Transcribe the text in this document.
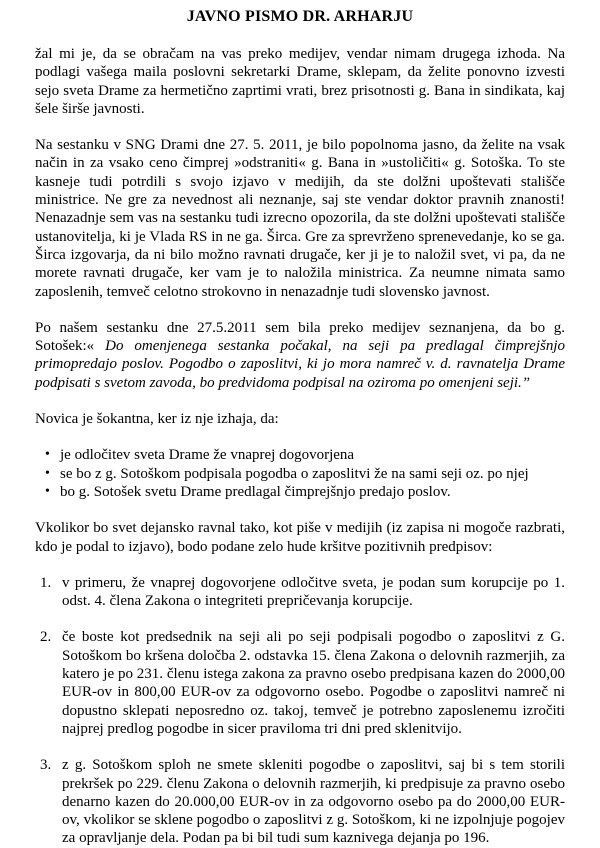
JAVNO PISMO DR. ARHARJU

žal mi je, da se obračam na vas preko medijev, vendar nimam drugega izhoda. Na podlagi vašega maila poslovni sekretarki Drame, sklepam, da želite ponovno izvesti sejo sveta Drame za hermetično zaprtimi vrati, brez prisotnosti g. Bana in sindikata, kaj šele širše javnosti.

Na sestanku v SNG Drami dne 27. 5. 2011, je bilo popolnoma jasno, da želite na vsak način in za vsako ceno čimprej »odstraniti« g. Bana in »ustoličiti« g. Sotoška. To ste kasneje tudi potrdili s svojo izjavo v medijih, da ste dolžni upoštevati stališče ministrice. Ne gre za nevednost ali neznanje, saj ste vendar doktor pravnih znanosti! Nenazadnje sem vas na sestanku tudi izrecno opozorila, da ste dolžni upoštevati stališče ustanovitelja, ki je Vlada RS in ne ga. Širca. Gre za sprevrženo sprenevedanje, ko se ga. Širca izgovarja, da ni bilo možno ravnati drugače, ker ji je to naložil svet, vi pa, da ne morete ravnati drugače, ker vam je to naložila ministrica. Za neumne nimata samo zaposlenih, temveč celotno strokovno in nenazadnje tudi slovensko javnost.

Po našem sestanku dne 27.5.2011 sem bila preko medijev seznanjena, da bo g. Sotošek:« Do omenjenega sestanka počakal, na seji pa predlagal čimprejšnjo primopredajo poslov. Pogodbo o zaposlitvi, ki jo mora namreč v. d. ravnatelja Drame podpisati s svetom zavoda, bo predvidoma podpisal na oziroma po omenjeni seji.”

Novica je šokantna, ker iz nje izhaja, da:

• je odločitev sveta Drame že vnaprej dogovorjena
• se bo z g. Sotoškom podpisala pogodba o zaposlitvi že na sami seji oz. po njej
• bo g. Sotošek svetu Drame predlagal čimprejšnjo predajo poslov.

Vkolikor bo svet dejansko ravnal tako, kot piše v medijih (iz zapisa ni mogoče razbrati, kdo je podal to izjavo), bodo podane zelo hude kršitve pozitivnih predpisov:

1. v primeru, že vnaprej dogovorjene odločitve sveta, je podan sum korupcije po 1. odst. 4. člena Zakona o integriteti prepričevanja korupcije.
2. če boste kot predsednik na seji ali po seji podpisali pogodbo o zaposlitvi z G. Sotoškom bo kršena določba 2. odstavka 15. člena Zakona o delovnih razmerjih, za katero je po 231. členu istega zakona za pravno osebo predpisana kazen do 2000,00 EUR-ov in 800,00 EUR-ov za odgovorno osebo. Pogodbe o zaposlitvi namreč ni dopustno sklepati neposredno oz. takoj, temveč je potrebno zaposlenemu izročiti najprej predlog pogodbe in sicer praviloma tri dni pred sklenitvijo.
3. z g. Sotoškom sploh ne smete skleniti pogodbe o zaposlitvi, saj bi s tem storili prekršek po 229. členu Zakona o delovnih razmerjih, ki predpisuje za pravno osebo denarno kazen do 20.000,00 EUR-ov in za odgovorno osebo pa do 2000,00 EUR-ov, vkolikor se sklene pogodbo o zaposlitvi z g. Sotoškom, ki ne izpolnjuje pogojev za opravljanje dela. Podan pa bi bil tudi sum kaznivega dejanja po 196.
